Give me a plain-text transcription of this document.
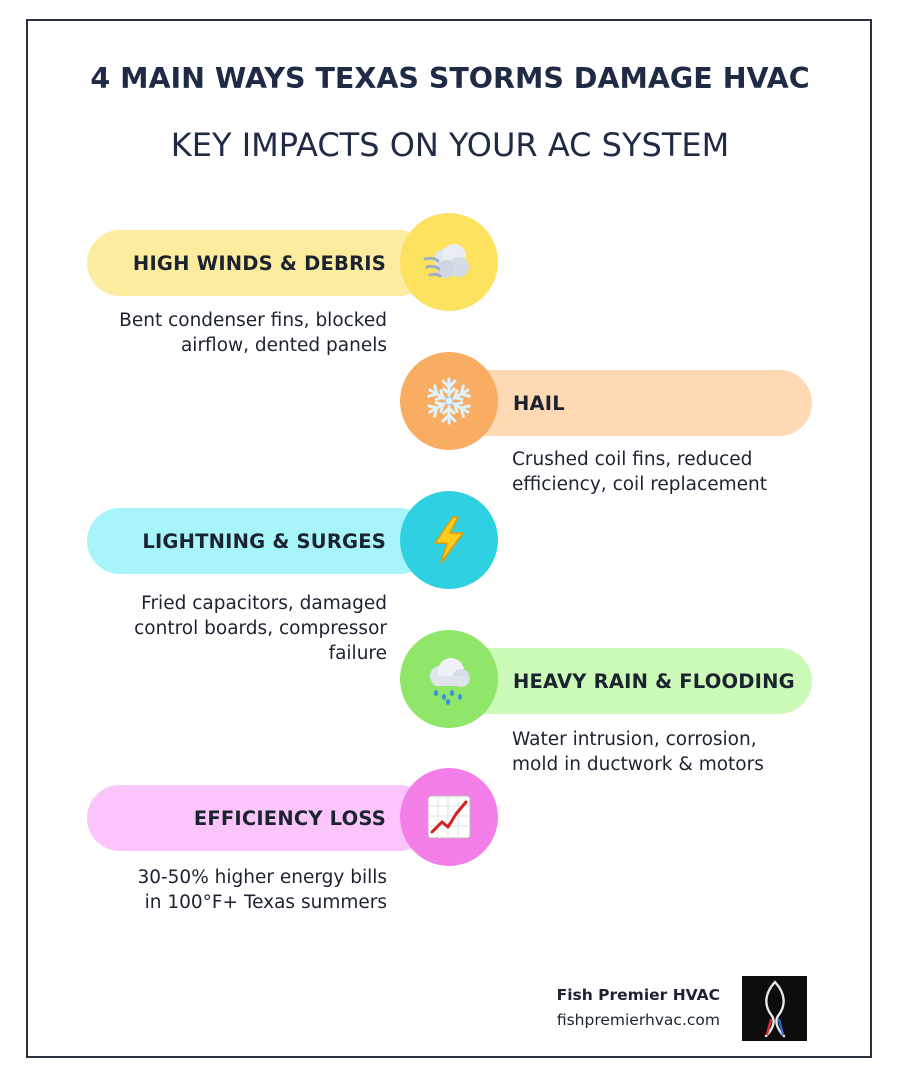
4 MAIN WAYS TEXAS STORMS DAMAGE HVAC
KEY IMPACTS ON YOUR AC SYSTEM
HIGH WINDS & DEBRIS
Bent condenser fins, blocked
airflow, dented panels
HAIL
Crushed coil fins, reduced
efficiency, coil replacement
LIGHTNING & SURGES
Fried capacitors, damaged
control boards, compressor
failure
HEAVY RAIN & FLOODING
Water intrusion, corrosion,
mold in ductwork & motors
EFFICIENCY LOSS
30-50% higher energy bills
in 100°F+ Texas summers
Fish Premier HVAC
fishpremierhvac.com
